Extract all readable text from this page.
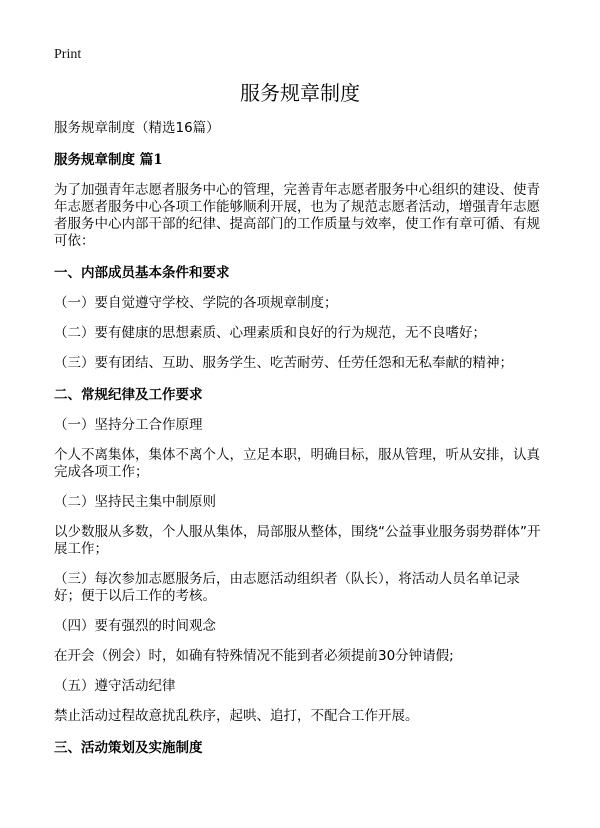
Print
服务规章制度

服务规章制度（精选16篇）

服务规章制度 篇1

为了加强青年志愿者服务中心的管理，完善青年志愿者服务中心组织的建设、使青年志愿者服务中心各项工作能够顺利开展，也为了规范志愿者活动，增强青年志愿者服务中心内部干部的纪律、提高部门的工作质量与效率，使工作有章可循、有规可依：

一、内部成员基本条件和要求

（一）要自觉遵守学校、学院的各项规章制度；

（二）要有健康的思想素质、心理素质和良好的行为规范，无不良嗜好；

（三）要有团结、互助、服务学生、吃苦耐劳、任劳任怨和无私奉献的精神；

二、常规纪律及工作要求

（一）坚持分工合作原理

个人不离集体，集体不离个人，立足本职，明确目标，服从管理，听从安排，认真完成各项工作；

（二）坚持民主集中制原则

以少数服从多数，个人服从集体，局部服从整体，围绕“公益事业服务弱势群体”开展工作；

（三）每次参加志愿服务后，由志愿活动组织者（队长），将活动人员名单记录好；便于以后工作的考核。

（四）要有强烈的时间观念

在开会（例会）时，如确有特殊情况不能到者必须提前30分钟请假;

（五）遵守活动纪律

禁止活动过程故意扰乱秩序，起哄、追打，不配合工作开展。

三、活动策划及实施制度
